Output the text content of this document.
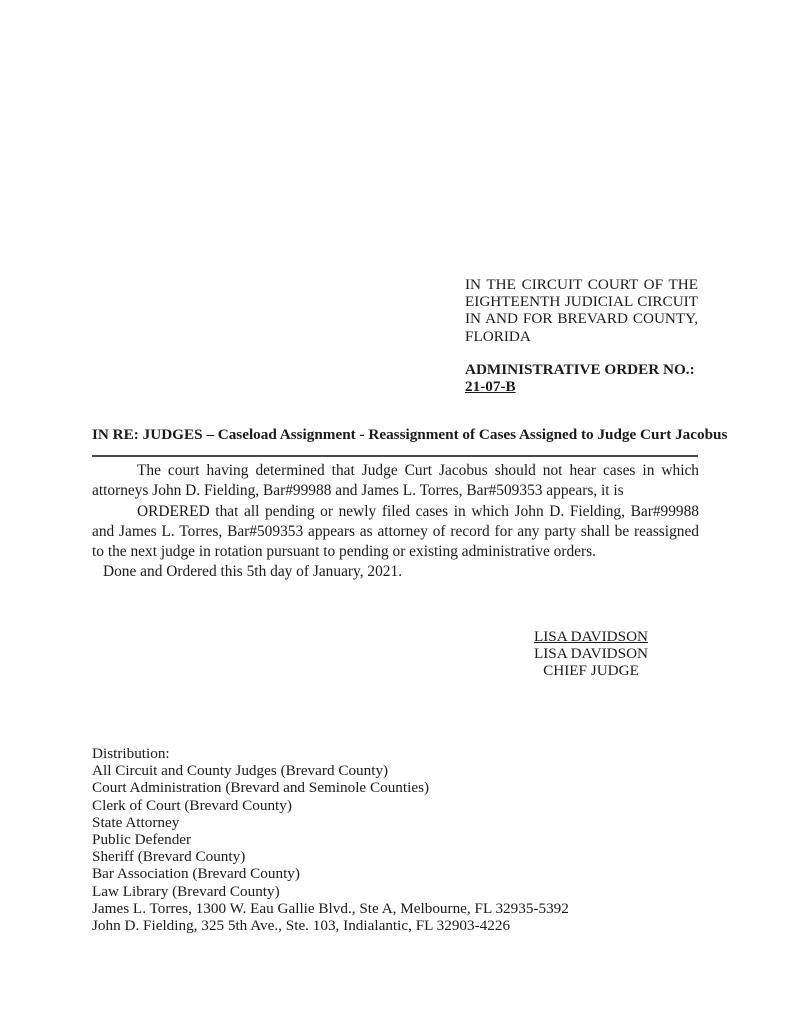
IN THE CIRCUIT COURT OF THE
EIGHTEENTH JUDICIAL CIRCUIT
IN AND FOR BREVARD COUNTY,
FLORIDA
ADMINISTRATIVE ORDER NO.:
21-07-B
IN RE: JUDGES – Caseload Assignment - Reassignment of Cases Assigned to Judge Curt Jacobus

The court having determined that Judge Curt Jacobus should not hear cases in which attorneys John D. Fielding, Bar#99988 and James L. Torres, Bar#509353 appears, it is

ORDERED that all pending or newly filed cases in which John D. Fielding, Bar#99988 and James L. Torres, Bar#509353 appears as attorney of record for any party shall be reassigned to the next judge in rotation pursuant to pending or existing administrative orders.

Done and Ordered this 5th day of January, 2021.

LISA DAVIDSON
LISA DAVIDSON
CHIEF JUDGE
Distribution:
All Circuit and County Judges (Brevard County)
Court Administration (Brevard and Seminole Counties)
Clerk of Court (Brevard County)
State Attorney
Public Defender
Sheriff (Brevard County)
Bar Association (Brevard County)
Law Library (Brevard County)
James L. Torres, 1300 W. Eau Gallie Blvd., Ste A, Melbourne, FL 32935-5392
John D. Fielding, 325 5th Ave., Ste. 103, Indialantic, FL 32903-4226
